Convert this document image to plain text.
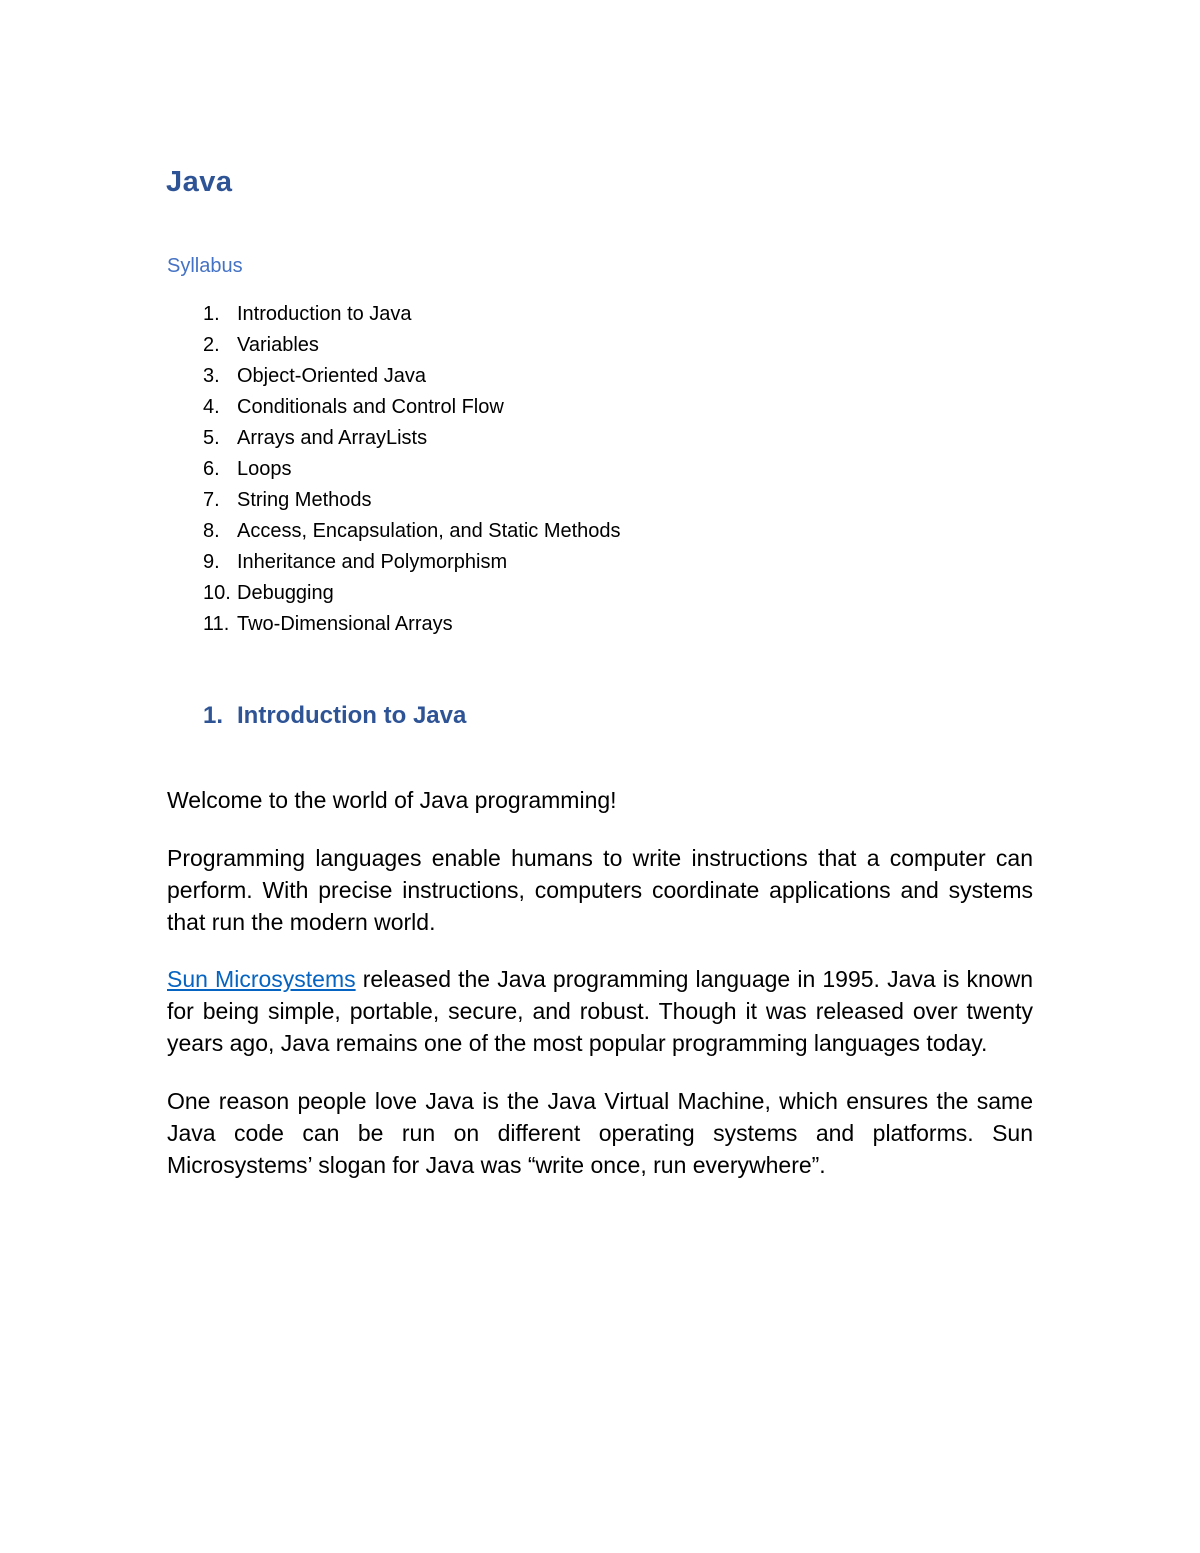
Java
Syllabus
1. Introduction to Java
2. Variables
3. Object-Oriented Java
4. Conditionals and Control Flow
5. Arrays and ArrayLists
6. Loops
7. String Methods
8. Access, Encapsulation, and Static Methods
9. Inheritance and Polymorphism
10. Debugging
11. Two-Dimensional Arrays
1. Introduction to Java

Welcome to the world of Java programming!

Programming languages enable humans to write instructions that a computer can perform. With precise instructions, computers coordinate applications and systems that run the modern world.

Sun Microsystems released the Java programming language in 1995. Java is known for being simple, portable, secure, and robust. Though it was released over twenty years ago, Java remains one of the most popular programming languages today.

One reason people love Java is the Java Virtual Machine, which ensures the same Java code can be run on different operating systems and platforms. Sun Microsystems’ slogan for Java was “write once, run everywhere”.
